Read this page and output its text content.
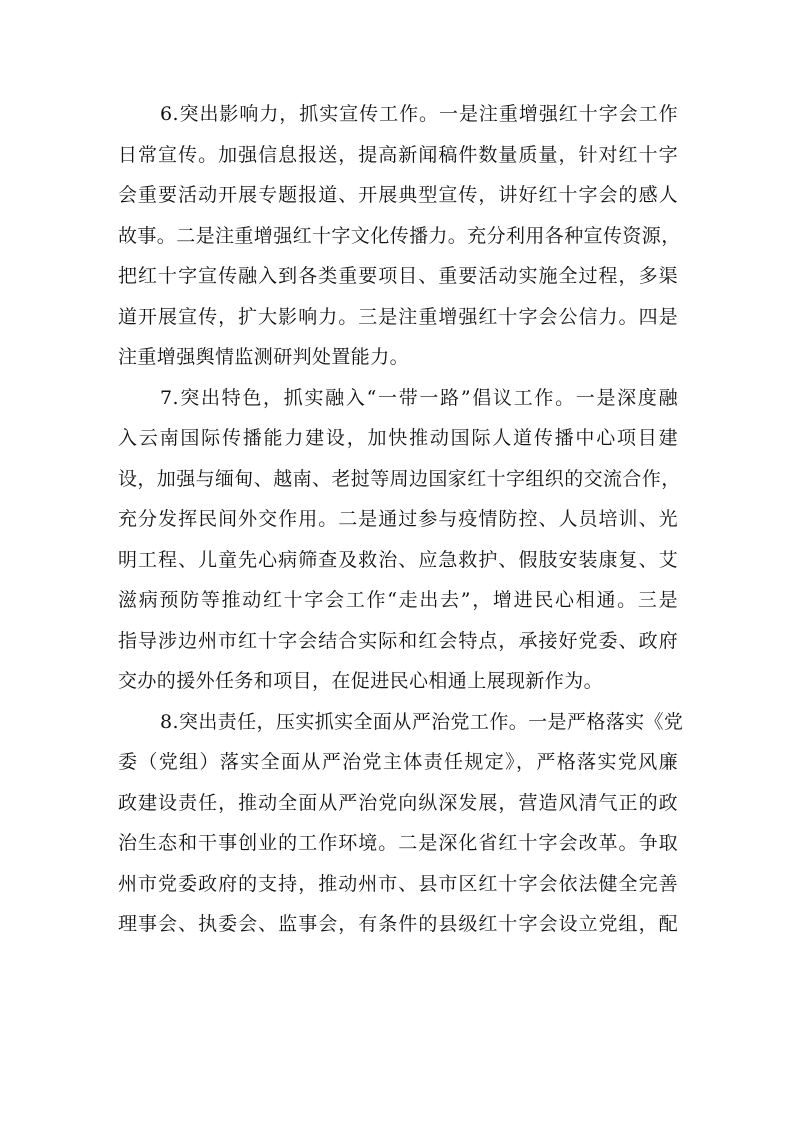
6.突出影响力，抓实宣传工作。一是注重增强红十字会工作
日常宣传。加强信息报送，提高新闻稿件数量质量，针对红十字
会重要活动开展专题报道、开展典型宣传，讲好红十字会的感人
故事。二是注重增强红十字文化传播力。充分利用各种宣传资源，
把红十字宣传融入到各类重要项目、重要活动实施全过程，多渠
道开展宣传，扩大影响力。三是注重增强红十字会公信力。四是
注重增强舆情监测研判处置能力。
7.突出特色，抓实融入“一带一路”倡议工作。一是深度融
入云南国际传播能力建设，加快推动国际人道传播中心项目建
设，加强与缅甸、越南、老挝等周边国家红十字组织的交流合作，
充分发挥民间外交作用。二是通过参与疫情防控、人员培训、光
明工程、儿童先心病筛查及救治、应急救护、假肢安装康复、艾
滋病预防等推动红十字会工作“走出去”，增进民心相通。三是
指导涉边州市红十字会结合实际和红会特点，承接好党委、政府
交办的援外任务和项目，在促进民心相通上展现新作为。
8.突出责任，压实抓实全面从严治党工作。一是严格落实《党
委（党组）落实全面从严治党主体责任规定》，严格落实党风廉
政建设责任，推动全面从严治党向纵深发展，营造风清气正的政
治生态和干事创业的工作环境。二是深化省红十字会改革。争取
州市党委政府的支持，推动州市、县市区红十字会依法健全完善
理事会、执委会、监事会，有条件的县级红十字会设立党组，配
